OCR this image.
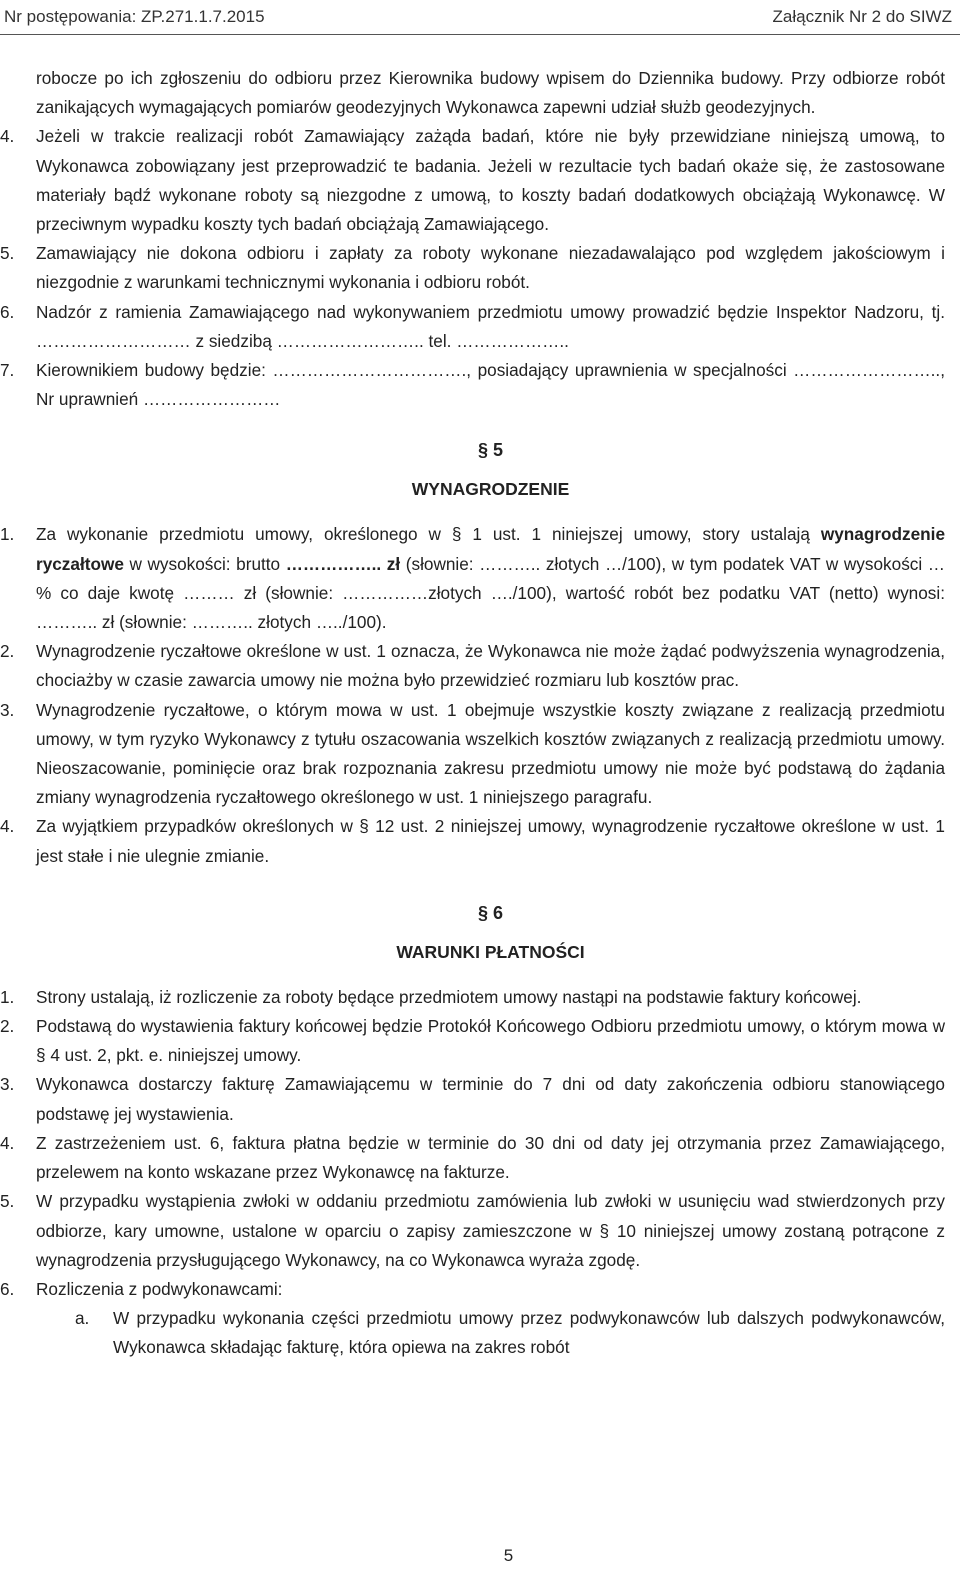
Nr postępowania: ZP.271.1.7.2015	Załącznik Nr 2 do SIWZ

robocze po ich zgłoszeniu do odbioru przez Kierownika budowy wpisem do Dziennika budowy. Przy odbiorze robót zanikających wymagających pomiarów geodezyjnych Wykonawca zapewni udział służb geodezyjnych.

4. Jeżeli w trakcie realizacji robót Zamawiający zażąda badań, które nie były przewidziane niniejszą umową, to Wykonawca zobowiązany jest przeprowadzić te badania. Jeżeli w rezultacie tych badań okaże się, że zastosowane materiały bądź wykonane roboty są niezgodne z umową, to koszty badań dodatkowych obciążają Wykonawcę. W przeciwnym wypadku koszty tych badań obciążają Zamawiającego.

5. Zamawiający nie dokona odbioru i zapłaty za roboty wykonane niezadawalająco pod względem jakościowym i niezgodnie z warunkami technicznymi wykonania i odbioru robót.

6. Nadzór z ramienia Zamawiającego nad wykonywaniem przedmiotu umowy prowadzić będzie Inspektor Nadzoru, tj. ……………………… z siedzibą …………………….. tel. ………………..

7. Kierownikiem budowy będzie: ……………………………., posiadający uprawnienia w specjalności …………………….., Nr uprawnień ……………………

§ 5
WYNAGRODZENIE

1. Za wykonanie przedmiotu umowy, określonego w § 1 ust. 1 niniejszej umowy, story ustalają wynagrodzenie ryczałtowe w wysokości: brutto …………….. zł (słownie: ……….. złotych …/100), w tym podatek VAT w wysokości …% co daje kwotę ……… zł (słownie: ……………złotych …./100), wartość robót bez podatku VAT (netto) wynosi: ……….. zł (słownie: ……….. złotych …../100).

2. Wynagrodzenie ryczałtowe określone w ust. 1 oznacza, że Wykonawca nie może żądać podwyższenia wynagrodzenia, chociażby w czasie zawarcia umowy nie można było przewidzieć rozmiaru lub kosztów prac.

3. Wynagrodzenie ryczałtowe, o którym mowa w ust. 1 obejmuje wszystkie koszty związane z realizacją przedmiotu umowy, w tym ryzyko Wykonawcy z tytułu oszacowania wszelkich kosztów związanych z realizacją przedmiotu umowy. Nieoszacowanie, pominięcie oraz brak rozpoznania zakresu przedmiotu umowy nie może być podstawą do żądania zmiany wynagrodzenia ryczałtowego określonego w ust. 1 niniejszego paragrafu.

4. Za wyjątkiem przypadków określonych w § 12 ust. 2 niniejszej umowy, wynagrodzenie ryczałtowe określone w ust. 1 jest stałe i nie ulegnie zmianie.

§ 6
WARUNKI PŁATNOŚCI

1. Strony ustalają, iż rozliczenie za roboty będące przedmiotem umowy nastąpi na podstawie faktury końcowej.

2. Podstawą do wystawienia faktury końcowej będzie Protokół Końcowego Odbioru przedmiotu umowy, o którym mowa w § 4 ust. 2, pkt. e. niniejszej umowy.

3. Wykonawca dostarczy fakturę Zamawiającemu w terminie do 7 dni od daty zakończenia odbioru stanowiącego podstawę jej wystawienia.

4. Z zastrzeżeniem ust. 6, faktura płatna będzie w terminie do 30 dni od daty jej otrzymania przez Zamawiającego, przelewem na konto wskazane przez Wykonawcę na fakturze.

5. W przypadku wystąpienia zwłoki w oddaniu przedmiotu zamówienia lub zwłoki w usunięciu wad stwierdzonych przy odbiorze, kary umowne, ustalone w oparciu o zapisy zamieszczone w § 10 niniejszej umowy zostaną potrącone z wynagrodzenia przysługującego Wykonawcy, na co Wykonawca wyraża zgodę.

6. Rozliczenia z podwykonawcami:

a. W przypadku wykonania części przedmiotu umowy przez podwykonawców lub dalszych podwykonawców, Wykonawca składając fakturę, która opiewa na zakres robót

5
